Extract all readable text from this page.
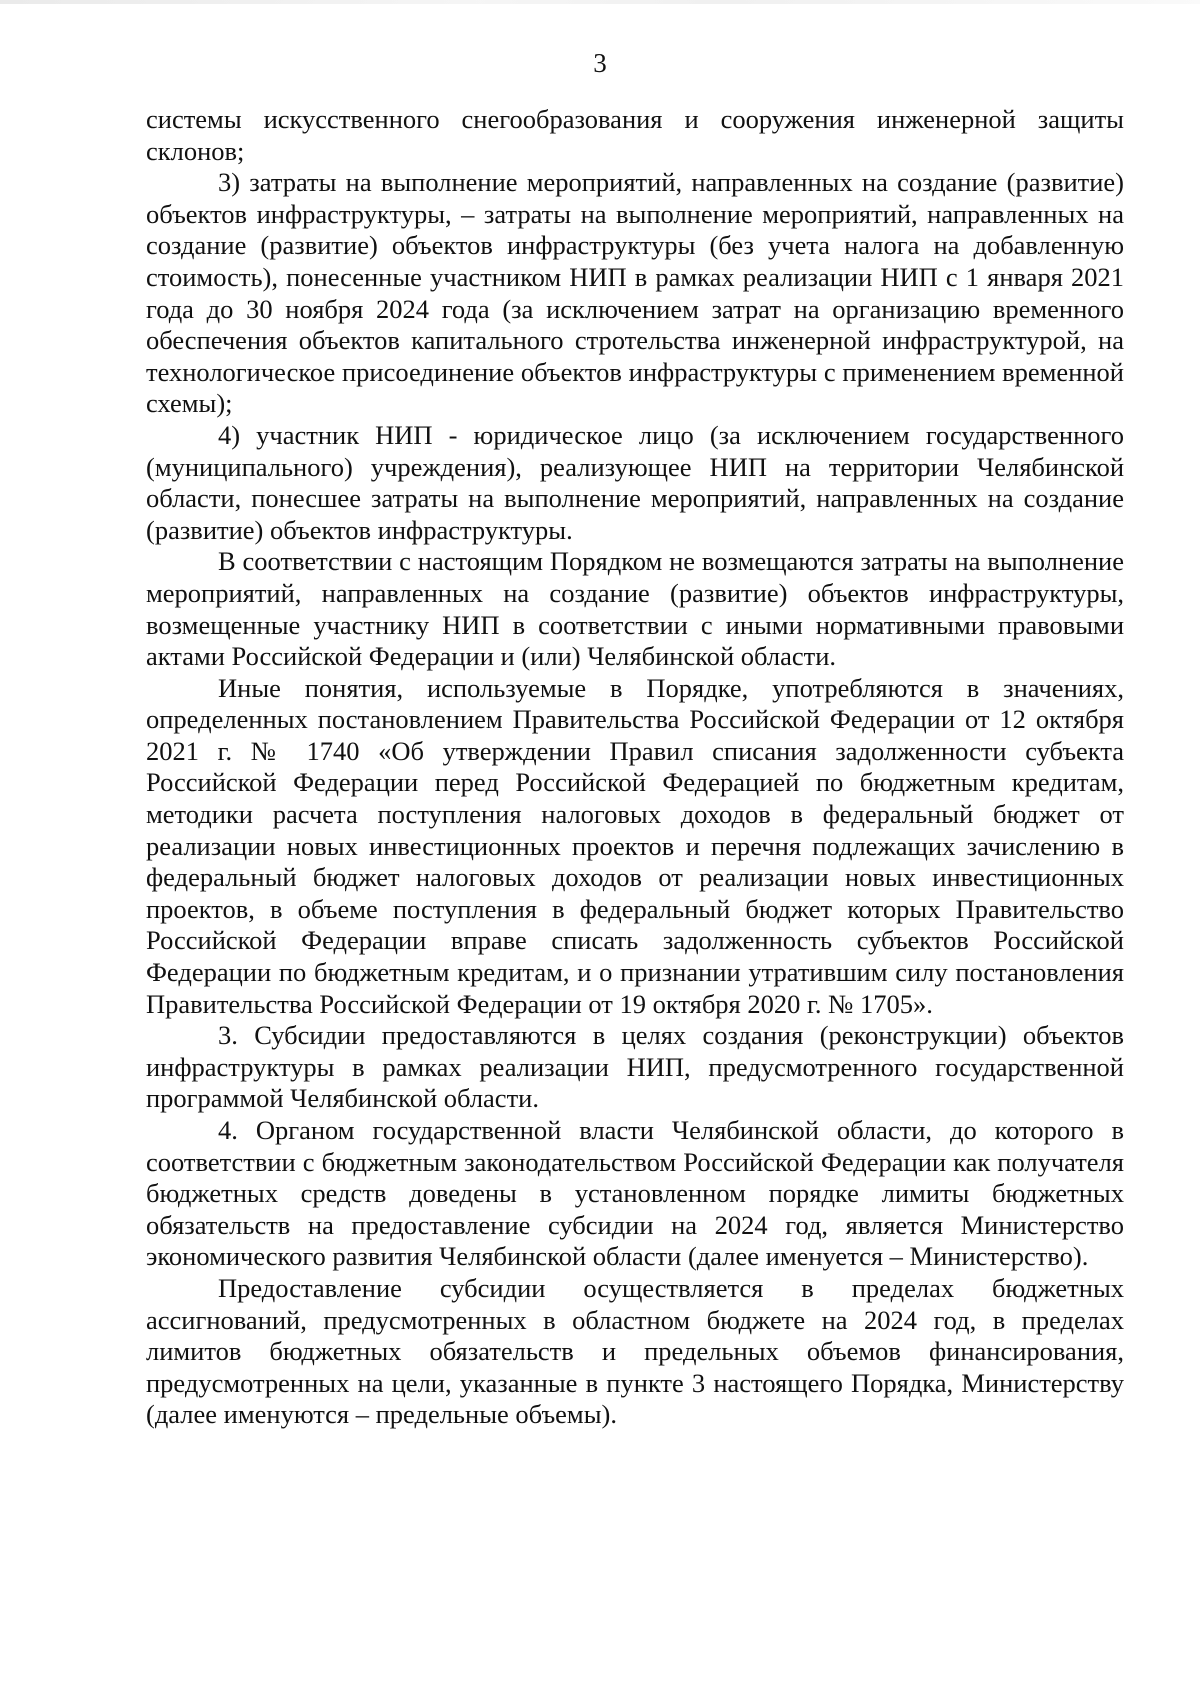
3

системы искусственного снегообразования и сооружения инженерной защиты склонов;

3) затраты на выполнение мероприятий, направленных на создание (развитие) объектов инфраструктуры, – затраты на выполнение мероприятий, направленных на создание (развитие) объектов инфраструктуры (без учета налога на добавленную стоимость), понесенные участником НИП в рамках реализации НИП с 1 января 2021 года до 30 ноября 2024 года (за исключением затрат на организацию временного обеспечения объектов капитального стротельства инженерной инфраструктурой, на технологическое присоединение объектов инфраструктуры с применением временной схемы);

4) участник НИП - юридическое лицо (за исключением государственного (муниципального) учреждения), реализующее НИП на территории Челябинской области, понесшее затраты на выполнение мероприятий, направленных на создание (развитие) объектов инфраструктуры.

В соответствии с настоящим Порядком не возмещаются затраты на выполнение мероприятий, направленных на создание (развитие) объектов инфраструктуры, возмещенные участнику НИП в соответствии с иными нормативными правовыми актами Российской Федерации и (или) Челябинской области.

Иные понятия, используемые в Порядке, употребляются в значениях, определенных постановлением Правительства Российской Федерации от 12 октября 2021 г. № 1740 «Об утверждении Правил списания задолженности субъекта Российской Федерации перед Российской Федерацией по бюджетным кредитам, методики расчета поступления налоговых доходов в федеральный бюджет от реализации новых инвестиционных проектов и перечня подлежащих зачислению в федеральный бюджет налоговых доходов от реализации новых инвестиционных проектов, в объеме поступления в федеральный бюджет которых Правительство Российской Федерации вправе списать задолженность субъектов Российской Федерации по бюджетным кредитам, и о признании утратившим силу постановления Правительства Российской Федерации от 19 октября 2020 г. № 1705».

3. Субсидии предоставляются в целях создания (реконструкции) объектов инфраструктуры в рамках реализации НИП, предусмотренного государственной программой Челябинской области.

4. Органом государственной власти Челябинской области, до которого в соответствии с бюджетным законодательством Российской Федерации как получателя бюджетных средств доведены в установленном порядке лимиты бюджетных обязательств на предоставление субсидии на 2024 год, является Министерство экономического развития Челябинской области (далее именуется – Министерство).

Предоставление субсидии осуществляется в пределах бюджетных ассигнований, предусмотренных в областном бюджете на 2024 год, в пределах лимитов бюджетных обязательств и предельных объемов финансирования, предусмотренных на цели, указанные в пункте 3 настоящего Порядка, Министерству (далее именуются – предельные объемы).
